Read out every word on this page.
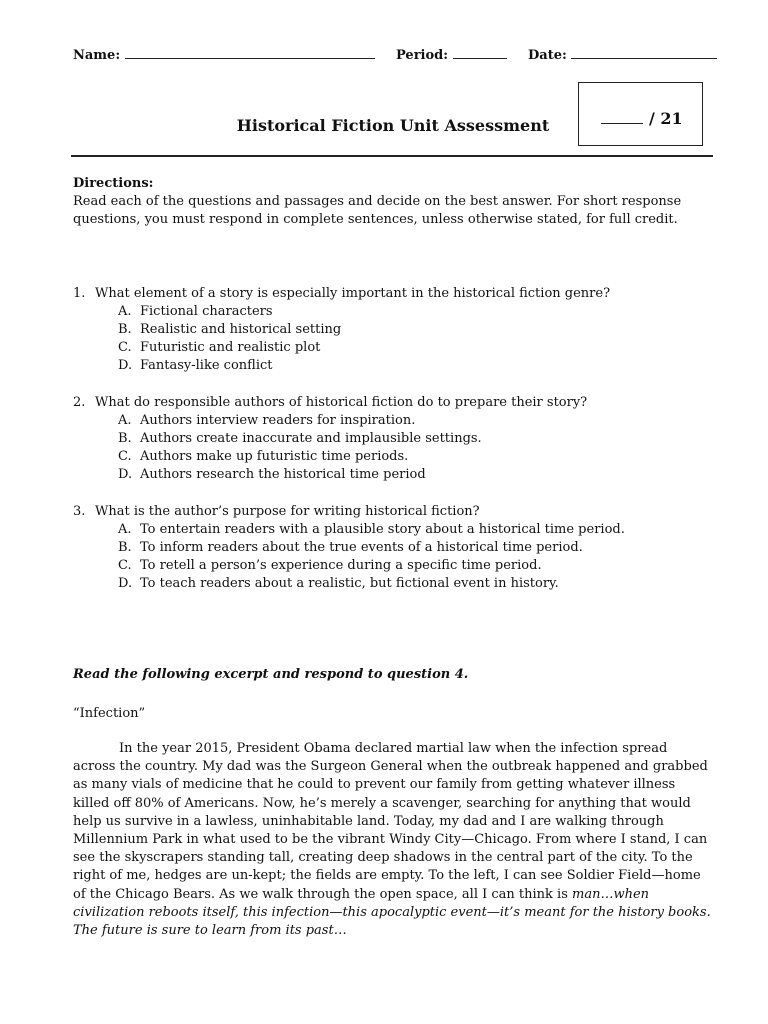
Name:	Period:	Date:
/ 21
Historical Fiction Unit Assessment
Directions:
Read each of the questions and passages and decide on the best answer. For short response questions, you must respond in complete sentences, unless otherwise stated, for full credit.
1. What element of a story is especially important in the historical fiction genre?
A. Fictional characters
B. Realistic and historical setting
C. Futuristic and realistic plot
D. Fantasy-like conflict
2. What do responsible authors of historical fiction do to prepare their story?
A. Authors interview readers for inspiration.
B. Authors create inaccurate and implausible settings.
C. Authors make up futuristic time periods.
D. Authors research the historical time period
3. What is the author’s purpose for writing historical fiction?
A. To entertain readers with a plausible story about a historical time period.
B. To inform readers about the true events of a historical time period.
C. To retell a person’s experience during a specific time period.
D. To teach readers about a realistic, but fictional event in history.
Read the following excerpt and respond to question 4.
“Infection”
In the year 2015, President Obama declared martial law when the infection spread across the country. My dad was the Surgeon General when the outbreak happened and grabbed as many vials of medicine that he could to prevent our family from getting whatever illness killed off 80% of Americans. Now, he’s merely a scavenger, searching for anything that would help us survive in a lawless, uninhabitable land. Today, my dad and I are walking through Millennium Park in what used to be the vibrant Windy City—Chicago. From where I stand, I can see the skyscrapers standing tall, creating deep shadows in the central part of the city. To the right of me, hedges are un-kept; the fields are empty. To the left, I can see Soldier Field—home of the Chicago Bears. As we walk through the open space, all I can think is man…when civilization reboots itself, this infection—this apocalyptic event—it’s meant for the history books. The future is sure to learn from its past…
